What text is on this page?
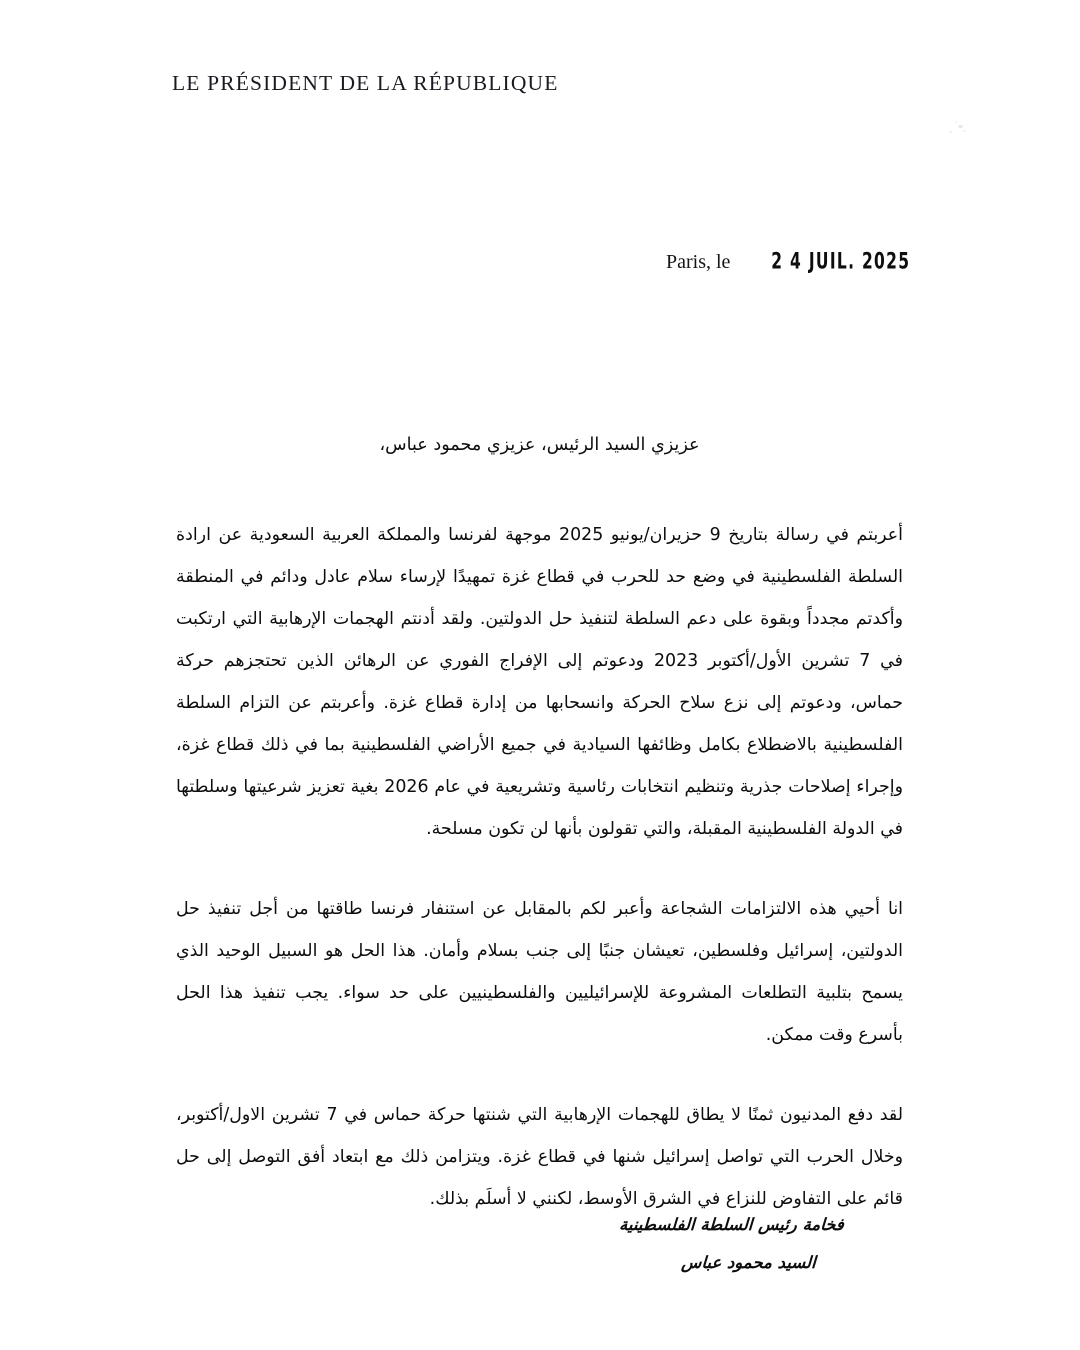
LE PRÉSIDENT DE LA RÉPUBLIQUE
Paris, le 2 4 JUIL. 2025

عزيزي السيد الرئيس، عزيزي محمود عباس،

أعربتم في رسالة بتاريخ 9 حزيران/يونيو 2025 موجهة لفرنسا والمملكة العربية السعودية عن ارادة السلطة الفلسطينية في وضع حد للحرب في قطاع غزة تمهيدًا لإرساء سلام عادل ودائم في المنطقة وأكدتم مجدداً وبقوة على دعم السلطة لتنفيذ حل الدولتين. ولقد أدنتم الهجمات الإرهابية التي ارتكبت في 7 تشرين الأول/أكتوبر 2023 ودعوتم إلى الإفراج الفوري عن الرهائن الذين تحتجزهم حركة حماس، ودعوتم إلى نزع سلاح الحركة وانسحابها من إدارة قطاع غزة. وأعربتم عن التزام السلطة الفلسطينية بالاضطلاع بكامل وظائفها السيادية في جميع الأراضي الفلسطينية بما في ذلك قطاع غزة، وإجراء إصلاحات جذرية وتنظيم انتخابات رئاسية وتشريعية في عام 2026 بغية تعزيز شرعيتها وسلطتها في الدولة الفلسطينية المقبلة، والتي تقولون بأنها لن تكون مسلحة.

انا أحيي هذه الالتزامات الشجاعة وأعبر لكم بالمقابل عن استنفار فرنسا طاقتها من أجل تنفيذ حل الدولتين، إسرائيل وفلسطين، تعيشان جنبًا إلى جنب بسلام وأمان. هذا الحل هو السبيل الوحيد الذي يسمح بتلبية التطلعات المشروعة للإسرائيليين والفلسطينيين على حد سواء. يجب تنفيذ هذا الحل بأسرع وقت ممكن.

لقد دفع المدنيون ثمنًا لا يطاق للهجمات الإرهابية التي شنتها حركة حماس في 7 تشرين الاول/أكتوبر، وخلال الحرب التي تواصل إسرائيل شنها في قطاع غزة. ويتزامن ذلك مع ابتعاد أفق التوصل إلى حل قائم على التفاوض للنزاع في الشرق الأوسط، لكنني لا أسلَم بذلك.

فخامة رئيس السلطة الفلسطينية
السيد محمود عباس
